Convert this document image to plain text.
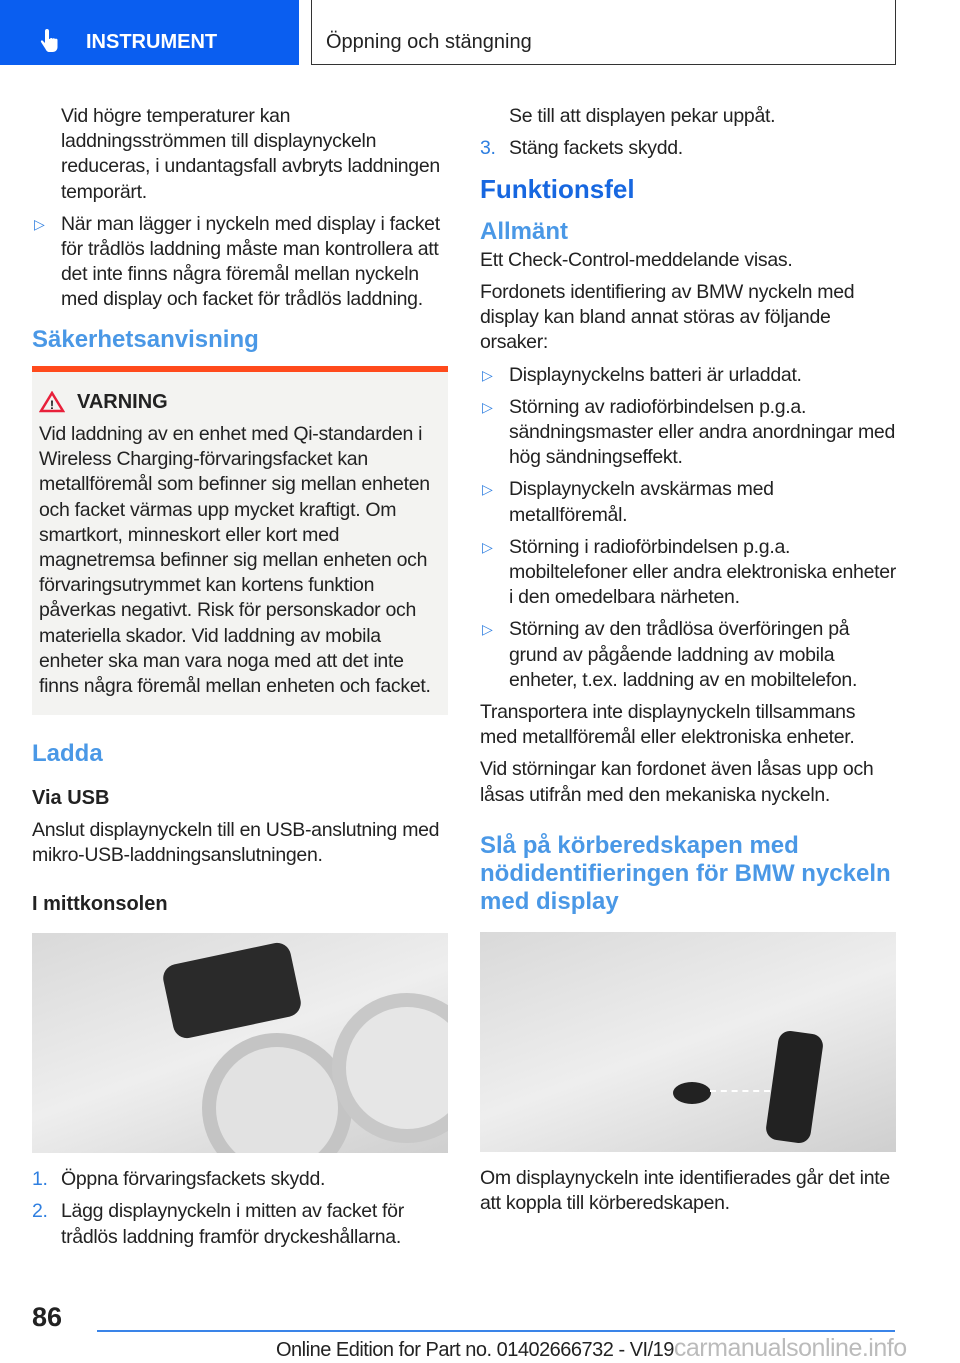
INSTRUMENT	Öppning och stängning

Vid högre temperaturer kan laddningsströmmen till displaynyckeln reduceras, i undantagsfall avbryts laddningen temporärt.

▷ När man lägger i nyckeln med display i facket för trådlös laddning måste man kontrollera att det inte finns några föremål mellan nyckeln med display och facket för trådlös laddning.
Säkerhetsanvisning
! VARNING
Vid laddning av en enhet med Qi-standarden i Wireless Charging-förvaringsfacket kan metallföremål som befinner sig mellan enheten och facket värmas upp mycket kraftigt. Om smartkort, minneskort eller kort med magnetremsa befinner sig mellan enheten och förvaringsutrymmet kan kortens funktion påverkas negativt. Risk för personskador och materiella skador. Vid laddning av mobila enheter ska man vara noga med att det inte finns några föremål mellan enheten och facket.
Ladda
Via USB

Anslut displaynyckeln till en USB-anslutning med mikro-USB-laddningsanslutningen.

I mittkonsolen
1. Öppna förvaringsfackets skydd.
2. Lägg displaynyckeln i mitten av facket för trådlös laddning framför dryckeshållarna.

Se till att displayen pekar uppåt.

3. Stäng fackets skydd.
Funktionsfel
Allmänt

Ett Check-Control-meddelande visas.

Fordonets identifiering av BMW nyckeln med display kan bland annat störas av följande orsaker:

▷ Displaynyckelns batteri är urladdat.
▷ Störning av radioförbindelsen p.g.a. sändningsmaster eller andra anordningar med hög sändningseffekt.
▷ Displaynyckeln avskärmas med metallföremål.
▷ Störning i radioförbindelsen p.g.a. mobiltelefoner eller andra elektroniska enheter i den omedelbara närheten.
▷ Störning av den trådlösa överföringen på grund av pågående laddning av mobila enheter, t.ex. laddning av en mobiltelefon.

Transportera inte displaynyckeln tillsammans med metallföremål eller elektroniska enheter.

Vid störningar kan fordonet även låsas upp och låsas utifrån med den mekaniska nyckeln.

Slå på körberedskapen med nödidentifieringen för BMW nyckeln med display

Om displaynyckeln inte identifierades går det inte att koppla till körberedskapen.

86
Online Edition for Part no. 01402666732 - VI/19carmanualsonline.info
